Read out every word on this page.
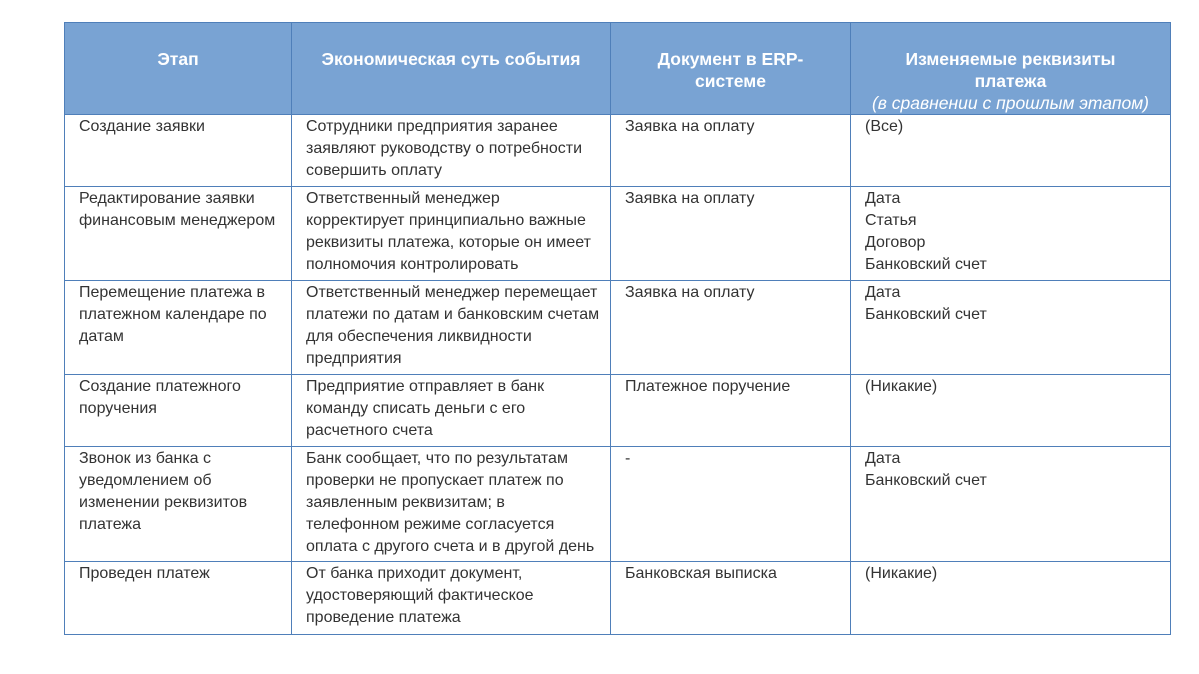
Этап	Экономическая суть события	Документ в ERP-системе	Изменяемые реквизиты платежа
(в сравнении с прошлым этапом)

Создание заявки	Сотрудники предприятия заранее заявляют руководству о потребности совершить оплату	Заявка на оплату	(Все)

Редактирование заявки финансовым менеджером	Ответственный менеджер корректирует принципиально важные реквизиты платежа, которые он имеет полномочия контролировать	Заявка на оплату	Дата
Статья
Договор
Банковский счет

Перемещение платежа в платежном календаре по датам	Ответственный менеджер перемещает платежи по датам и банковским счетам для обеспечения ликвидности предприятия	Заявка на оплату	Дата
Банковский счет

Создание платежного поручения	Предприятие отправляет в банк команду списать деньги с его расчетного счета	Платежное поручение	(Никакие)

Звонок из банка с уведомлением об изменении реквизитов платежа	Банк сообщает, что по результатам проверки не пропускает платеж по заявленным реквизитам; в телефонном режиме согласуется оплата с другого счета и в другой день	-	Дата
Банковский счет

Проведен платеж	От банка приходит документ, удостоверяющий фактическое проведение платежа	Банковская выписка	(Никакие)
